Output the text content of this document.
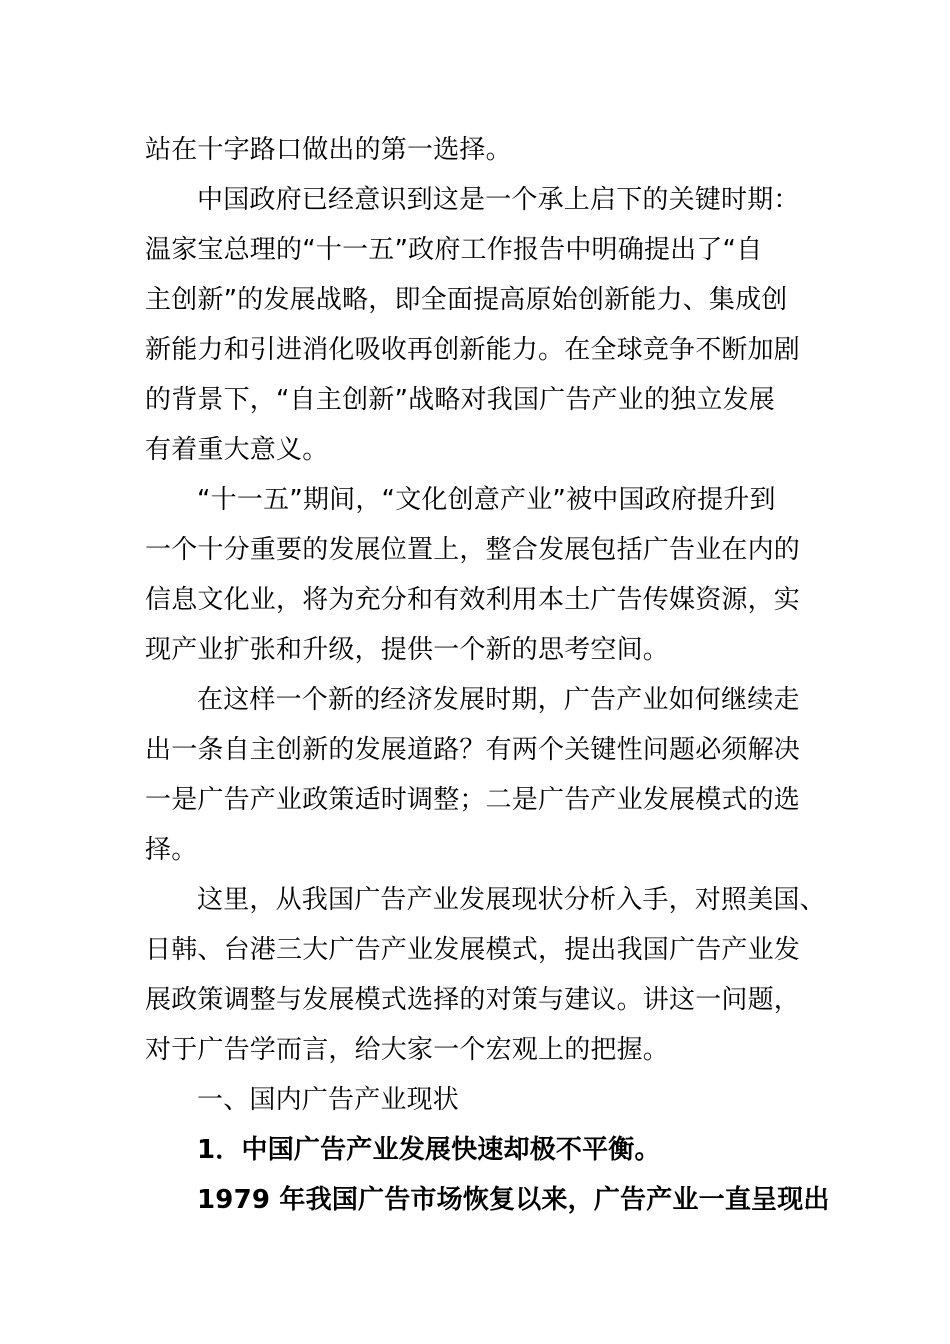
站在十字路口做出的第一选择。
中国政府已经意识到这是一个承上启下的关键时期：
温家宝总理的“十一五”政府工作报告中明确提出了“自
主创新”的发展战略，即全面提高原始创新能力、集成创
新能力和引进消化吸收再创新能力。在全球竞争不断加剧
的背景下，“自主创新”战略对我国广告产业的独立发展
有着重大意义。
“十一五”期间，“文化创意产业”被中国政府提升到
一个十分重要的发展位置上，整合发展包括广告业在内的
信息文化业，将为充分和有效利用本土广告传媒资源，实
现产业扩张和升级，提供一个新的思考空间。
在这样一个新的经济发展时期，广告产业如何继续走
出一条自主创新的发展道路？有两个关键性问题必须解决
一是广告产业政策适时调整；二是广告产业发展模式的选
择。
这里，从我国广告产业发展现状分析入手，对照美国、
日韩、台港三大广告产业发展模式，提出我国广告产业发
展政策调整与发展模式选择的对策与建议。讲这一问题，
对于广告学而言，给大家一个宏观上的把握。
一、国内广告产业现状
1．中国广告产业发展快速却极不平衡。
1979 年我国广告市场恢复以来，广告产业一直呈现出
